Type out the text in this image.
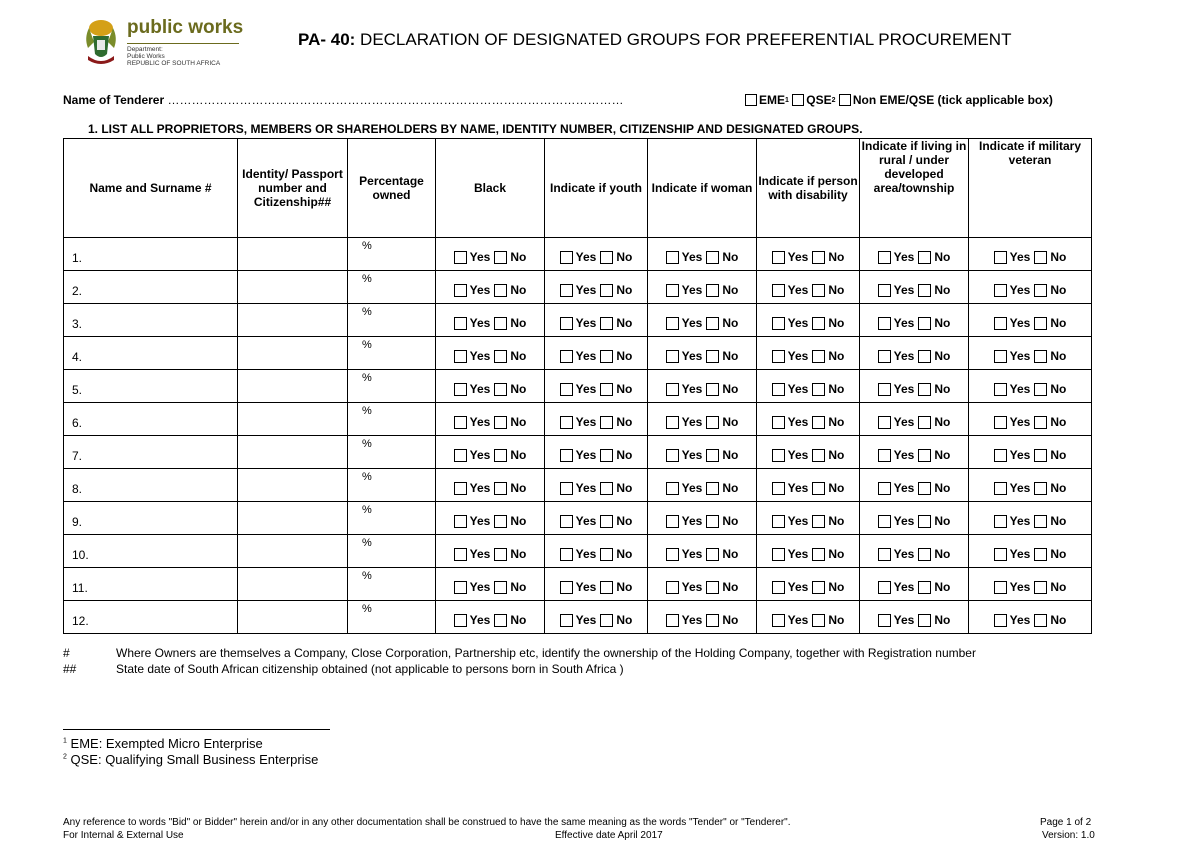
public works
Department:
Public Works
REPUBLIC OF SOUTH AFRICA
PA- 40: DECLARATION OF DESIGNATED GROUPS FOR PREFERENTIAL PROCUREMENT
Name of Tenderer ……………………………………………………………………………………………………	EME 1
QSE 2
Non EME/QSE (tick applicable box)
1. LIST ALL PROPRIETORS, MEMBERS OR SHAREHOLDERS BY NAME, IDENTITY NUMBER, CITIZENSHIP AND DESIGNATED GROUPS.
Name and Surname #	Identity/ Passport number and Citizenship##	Percentage owned	Black	Indicate if youth	Indicate if woman	Indicate if person with disability	Indicate if living in rural / under developed area/township	Indicate if military veteran
1.		%	Yes No	Yes No	Yes No	Yes No	Yes No	Yes No
2.		%	Yes No	Yes No	Yes No	Yes No	Yes No	Yes No
3.		%	Yes No	Yes No	Yes No	Yes No	Yes No	Yes No
4.		%	Yes No	Yes No	Yes No	Yes No	Yes No	Yes No
5.		%	Yes No	Yes No	Yes No	Yes No	Yes No	Yes No
6.		%	Yes No	Yes No	Yes No	Yes No	Yes No	Yes No
7.		%	Yes No	Yes No	Yes No	Yes No	Yes No	Yes No
8.		%	Yes No	Yes No	Yes No	Yes No	Yes No	Yes No
9.		%	Yes No	Yes No	Yes No	Yes No	Yes No	Yes No
10.		%	Yes No	Yes No	Yes No	Yes No	Yes No	Yes No
11.		%	Yes No	Yes No	Yes No	Yes No	Yes No	Yes No
12.		%	Yes No	Yes No	Yes No	Yes No	Yes No	Yes No
#	Where Owners are themselves a Company, Close Corporation, Partnership etc, identify the ownership of the Holding Company, together with Registration number
##	State date of South African citizenship obtained (not applicable to persons born in South Africa )
$^1$ EME: Exempted Micro Enterprise
$^2$ QSE: Qualifying Small Business Enterprise
Any reference to words "Bid" or Bidder" herein and/or in any other documentation shall be construed to have the same meaning as the words "Tender" or "Tenderer".
For Internal & External Use	Effective date April 2017
Page 1 of 2
Version: 1.0
